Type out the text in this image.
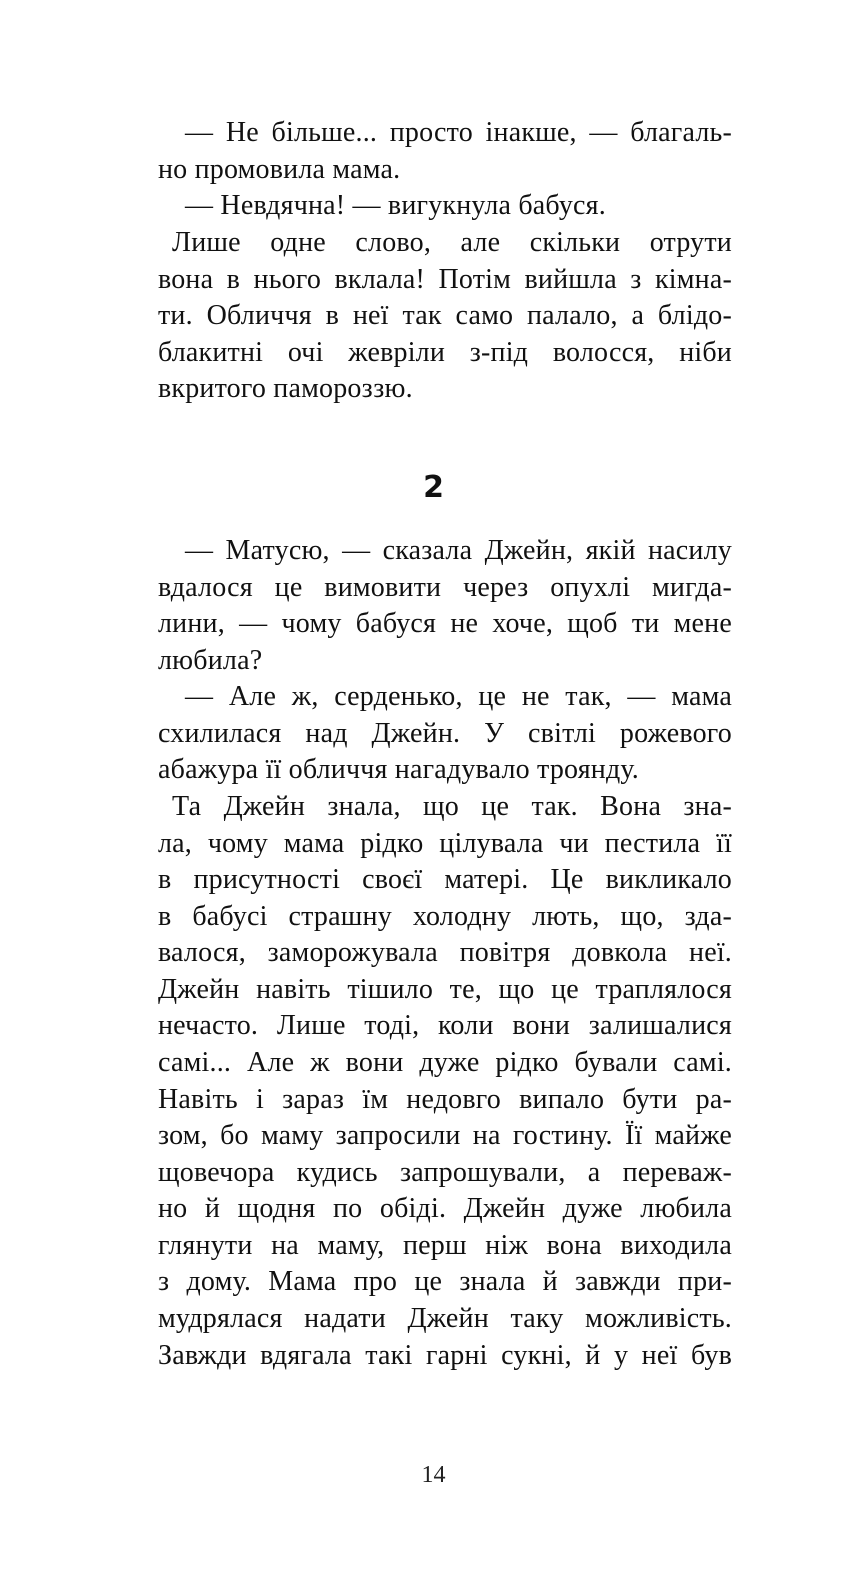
— Не більше... просто інакше, — благаль-
но промовила мама.
— Невдячна! — вигукнула бабуся.
Лише одне слово, але скільки отрути
вона в нього вклала! Потім вийшла з кімна-
ти. Обличчя в неї так само палало, а блідо-
блакитні очі жевріли з-під волосся, ніби
вкритого памороззю.
2
— Матусю, — сказала Джейн, якій насилу
вдалося це вимовити через опухлі мигда-
лини, — чому бабуся не хоче, щоб ти мене
любила?
— Але ж, серденько, це не так, — мама
схилилася над Джейн. У світлі рожевого
абажура її обличчя нагадувало троянду.
Та Джейн знала, що це так. Вона зна-
ла, чому мама рідко цілувала чи пестила її
в присутності своєї матері. Це викликало
в бабусі страшну холодну лють, що, зда-
валося, заморожувала повітря довкола неї.
Джейн навіть тішило те, що це траплялося
нечасто. Лише тоді, коли вони залишалися
самі... Але ж вони дуже рідко бували самі.
Навіть і зараз їм недовго випало бути ра-
зом, бо маму запросили на гостину. Її майже
щовечора кудись запрошували, а переваж-
но й щодня по обіді. Джейн дуже любила
глянути на маму, перш ніж вона виходила
з дому. Мама про це знала й завжди при-
мудрялася надати Джейн таку можливість.
Завжди вдягала такі гарні сукні, й у неї був
14
